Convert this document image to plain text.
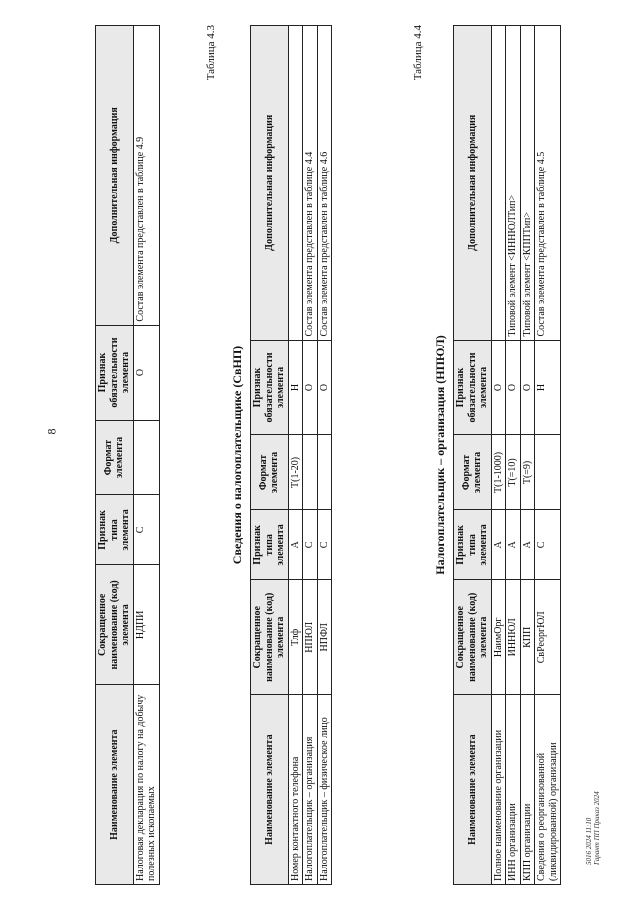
8
Наименование элемента	Сокращенное наименование (код) элемента	Признак типа элемента	Формат элемента	Признак обязательности элемента	Дополнительная информация
Налоговая декларация по налогу на добычу полезных ископаемых	НДПИ	С		О	Состав элемента представлен в таблице 4.9
Таблица 4.3
Сведения о налогоплательщике (СвНП)
Наименование элемента	Сокращенное наименование (код) элемента	Признак типа элемента	Формат элемента	Признак обязательности элемента	Дополнительная информация
Номер контактного телефона	Тлф	А	T(1-20)	Н	
Налогоплательщик – организация	НПЮЛ	С		О	Состав элемента представлен в таблице 4.4
Налогоплательщик – физическое лицо	НПФЛ	С		О	Состав элемента представлен в таблице 4.6
Таблица 4.4
Налогоплательщик – организация (НПЮЛ)
Наименование элемента	Сокращенное наименование (код) элемента	Признак типа элемента	Формат элемента	Признак обязательности элемента	Дополнительная информация
Полное наименование организации	НаимОрг	А	T(1-1000)	О	
ИНН организации	ИННЮЛ	А	T(=10)	О	Типовой элемент <ИННЮЛТип>
КПП организации	КПП	А	T(=9)	О	Типовой элемент <КППТип>
Сведения о реорганизованной (ликвидированной) организации	СвРеоргЮЛ	С		Н	Состав элемента представлен в таблице 4.5
5016 2024 11:10 Гарант ПП Приказ 2024
